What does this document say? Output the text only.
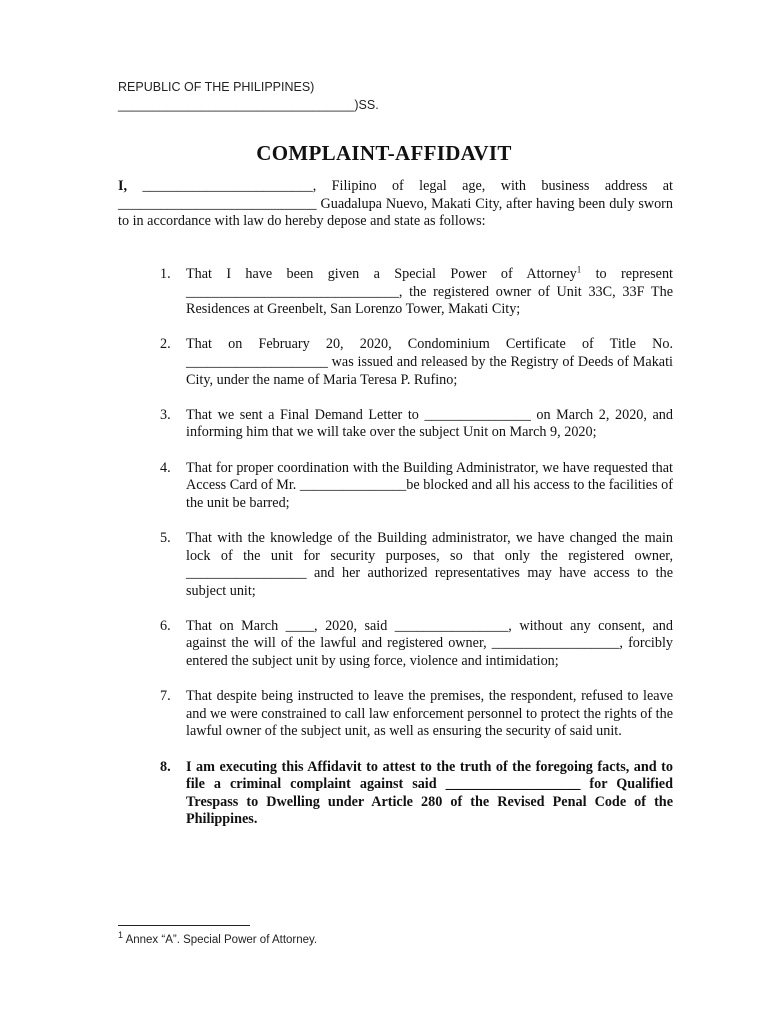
REPUBLIC OF THE PHILIPPINES)
__________________________________)SS.
COMPLAINT-AFFIDAVIT
I, ________________________, Filipino of legal age, with business address at ____________________________ Guadalupa Nuevo, Makati City, after having been duly sworn to in accordance with law do hereby depose and state as follows:
1. That I have been given a Special Power of Attorney$^1$ to represent ______________________________, the registered owner of Unit 33C, 33F The Residences at Greenbelt, San Lorenzo Tower, Makati City;
2. That on February 20, 2020, Condominium Certificate of Title No. ____________________ was issued and released by the Registry of Deeds of Makati City, under the name of Maria Teresa P. Rufino;
3. That we sent a Final Demand Letter to _______________ on March 2, 2020, and informing him that we will take over the subject Unit on March 9, 2020;
4. That for proper coordination with the Building Administrator, we have requested that Access Card of Mr. _______________be blocked and all his access to the facilities of the unit be barred;
5. That with the knowledge of the Building administrator, we have changed the main lock of the unit for security purposes, so that only the registered owner, _________________ and her authorized representatives may have access to the subject unit;
6. That on March ____, 2020, said ________________, without any consent, and against the will of the lawful and registered owner, __________________, forcibly entered the subject unit by using force, violence and intimidation;
7. That despite being instructed to leave the premises, the respondent, refused to leave and we were constrained to call law enforcement personnel to protect the rights of the lawful owner of the subject unit, as well as ensuring the security of said unit.
8. I am executing this Affidavit to attest to the truth of the foregoing facts, and to file a criminal complaint against said ___________________ for Qualified Trespass to Dwelling under Article 280 of the Revised Penal Code of the Philippines.
$^1$ Annex “A”. Special Power of Attorney.
